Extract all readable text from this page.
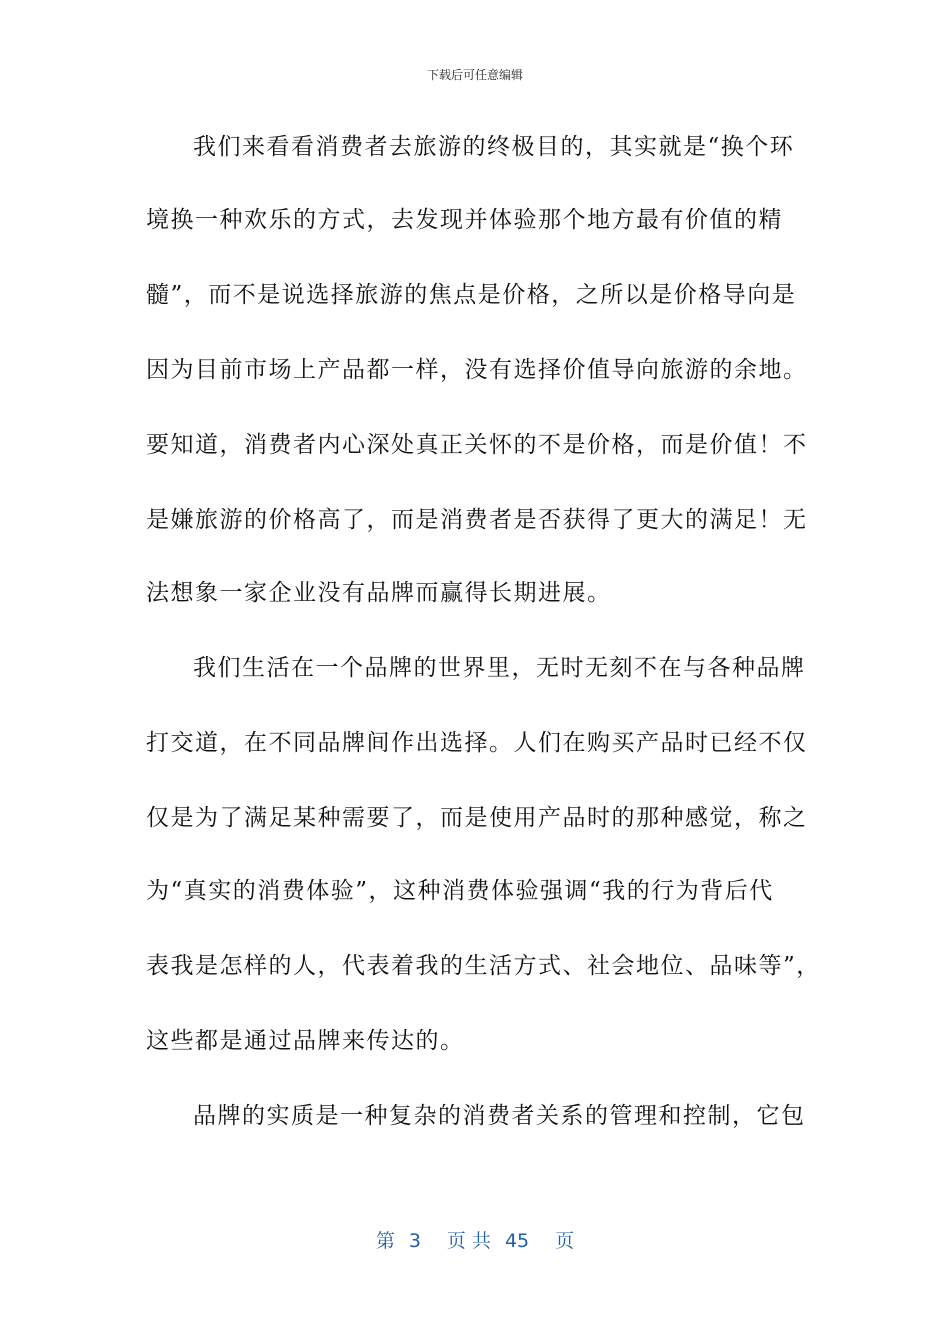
下载后可任意编辑
我们来看看消费者去旅游的终极目的，其实就是“换个环
境换一种欢乐的方式，去发现并体验那个地方最有价值的精
髓”，而不是说选择旅游的焦点是价格，之所以是价格导向是
因为目前市场上产品都一样，没有选择价值导向旅游的余地。
要知道，消费者内心深处真正关怀的不是价格，而是价值！不
是嫌旅游的价格高了，而是消费者是否获得了更大的满足！无
法想象一家企业没有品牌而赢得长期进展。
我们生活在一个品牌的世界里，无时无刻不在与各种品牌
打交道，在不同品牌间作出选择。人们在购买产品时已经不仅
仅是为了满足某种需要了，而是使用产品时的那种感觉，称之
为“真实的消费体验”，这种消费体验强调“我的行为背后代
表我是怎样的人，代表着我的生活方式、社会地位、品味等”，
这些都是通过品牌来传达的。
品牌的实质是一种复杂的消费者关系的管理和控制，它包
第 3 页 共 45 页
